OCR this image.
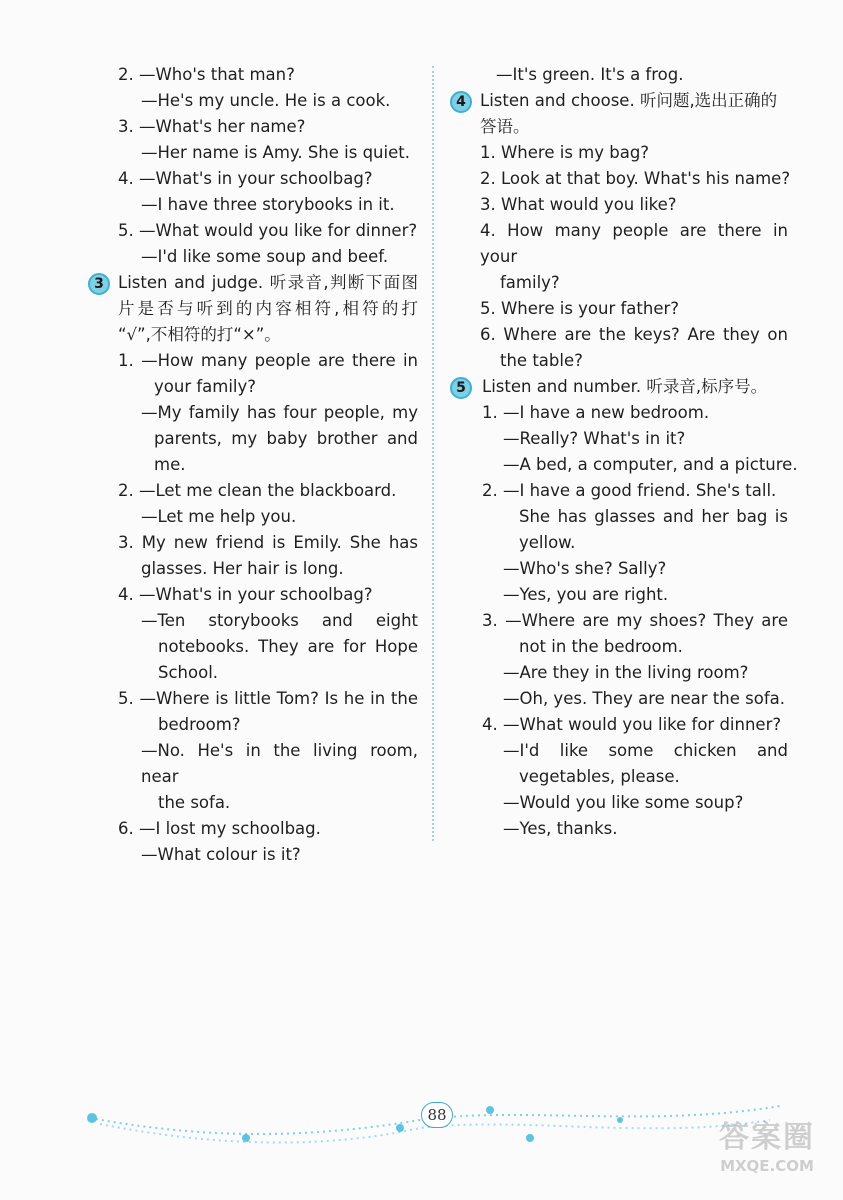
2. —Who's that man?
—He's my uncle. He is a cook.
3. —What's her name?
—Her name is Amy. She is quiet.
4. —What's in your schoolbag?
—I have three storybooks in it.
5. —What would you like for dinner?
—I'd like some soup and beef.
3 Listen and judge. 听录音,判断下面图
片是否与听到的内容相符,相符的打
“√”,不相符的打“×”。
1. —How many people are there in
your family?
—My family has four people, my
parents, my baby brother and
me.
2. —Let me clean the blackboard.
—Let me help you.
3. My new friend is Emily. She has
glasses. Her hair is long.
4. —What's in your schoolbag?
—Ten storybooks and eight
notebooks. They are for Hope
School.
5. —Where is little Tom? Is he in the
bedroom?
—No. He's in the living room, near
the sofa.
6. —I lost my schoolbag.
—What colour is it?
—It's green. It's a frog.
4 Listen and choose. 听问题,选出正确的
答语。
1. Where is my bag?
2. Look at that boy. What's his name?
3. What would you like?
4. How many people are there in your
family?
5. Where is your father?
6. Where are the keys? Are they on
the table?
5 Listen and number. 听录音,标序号。
1. —I have a new bedroom.
—Really? What's in it?
—A bed, a computer, and a picture.
2. —I have a good friend. She's tall.
She has glasses and her bag is
yellow.
—Who's she? Sally?
—Yes, you are right.
3. —Where are my shoes? They are
not in the bedroom.
—Are they in the living room?
—Oh, yes. They are near the sofa.
4. —What would you like for dinner?
—I'd like some chicken and
vegetables, please.
—Would you like some soup?
—Yes, thanks.
88
答案圈
MXQE.COM
